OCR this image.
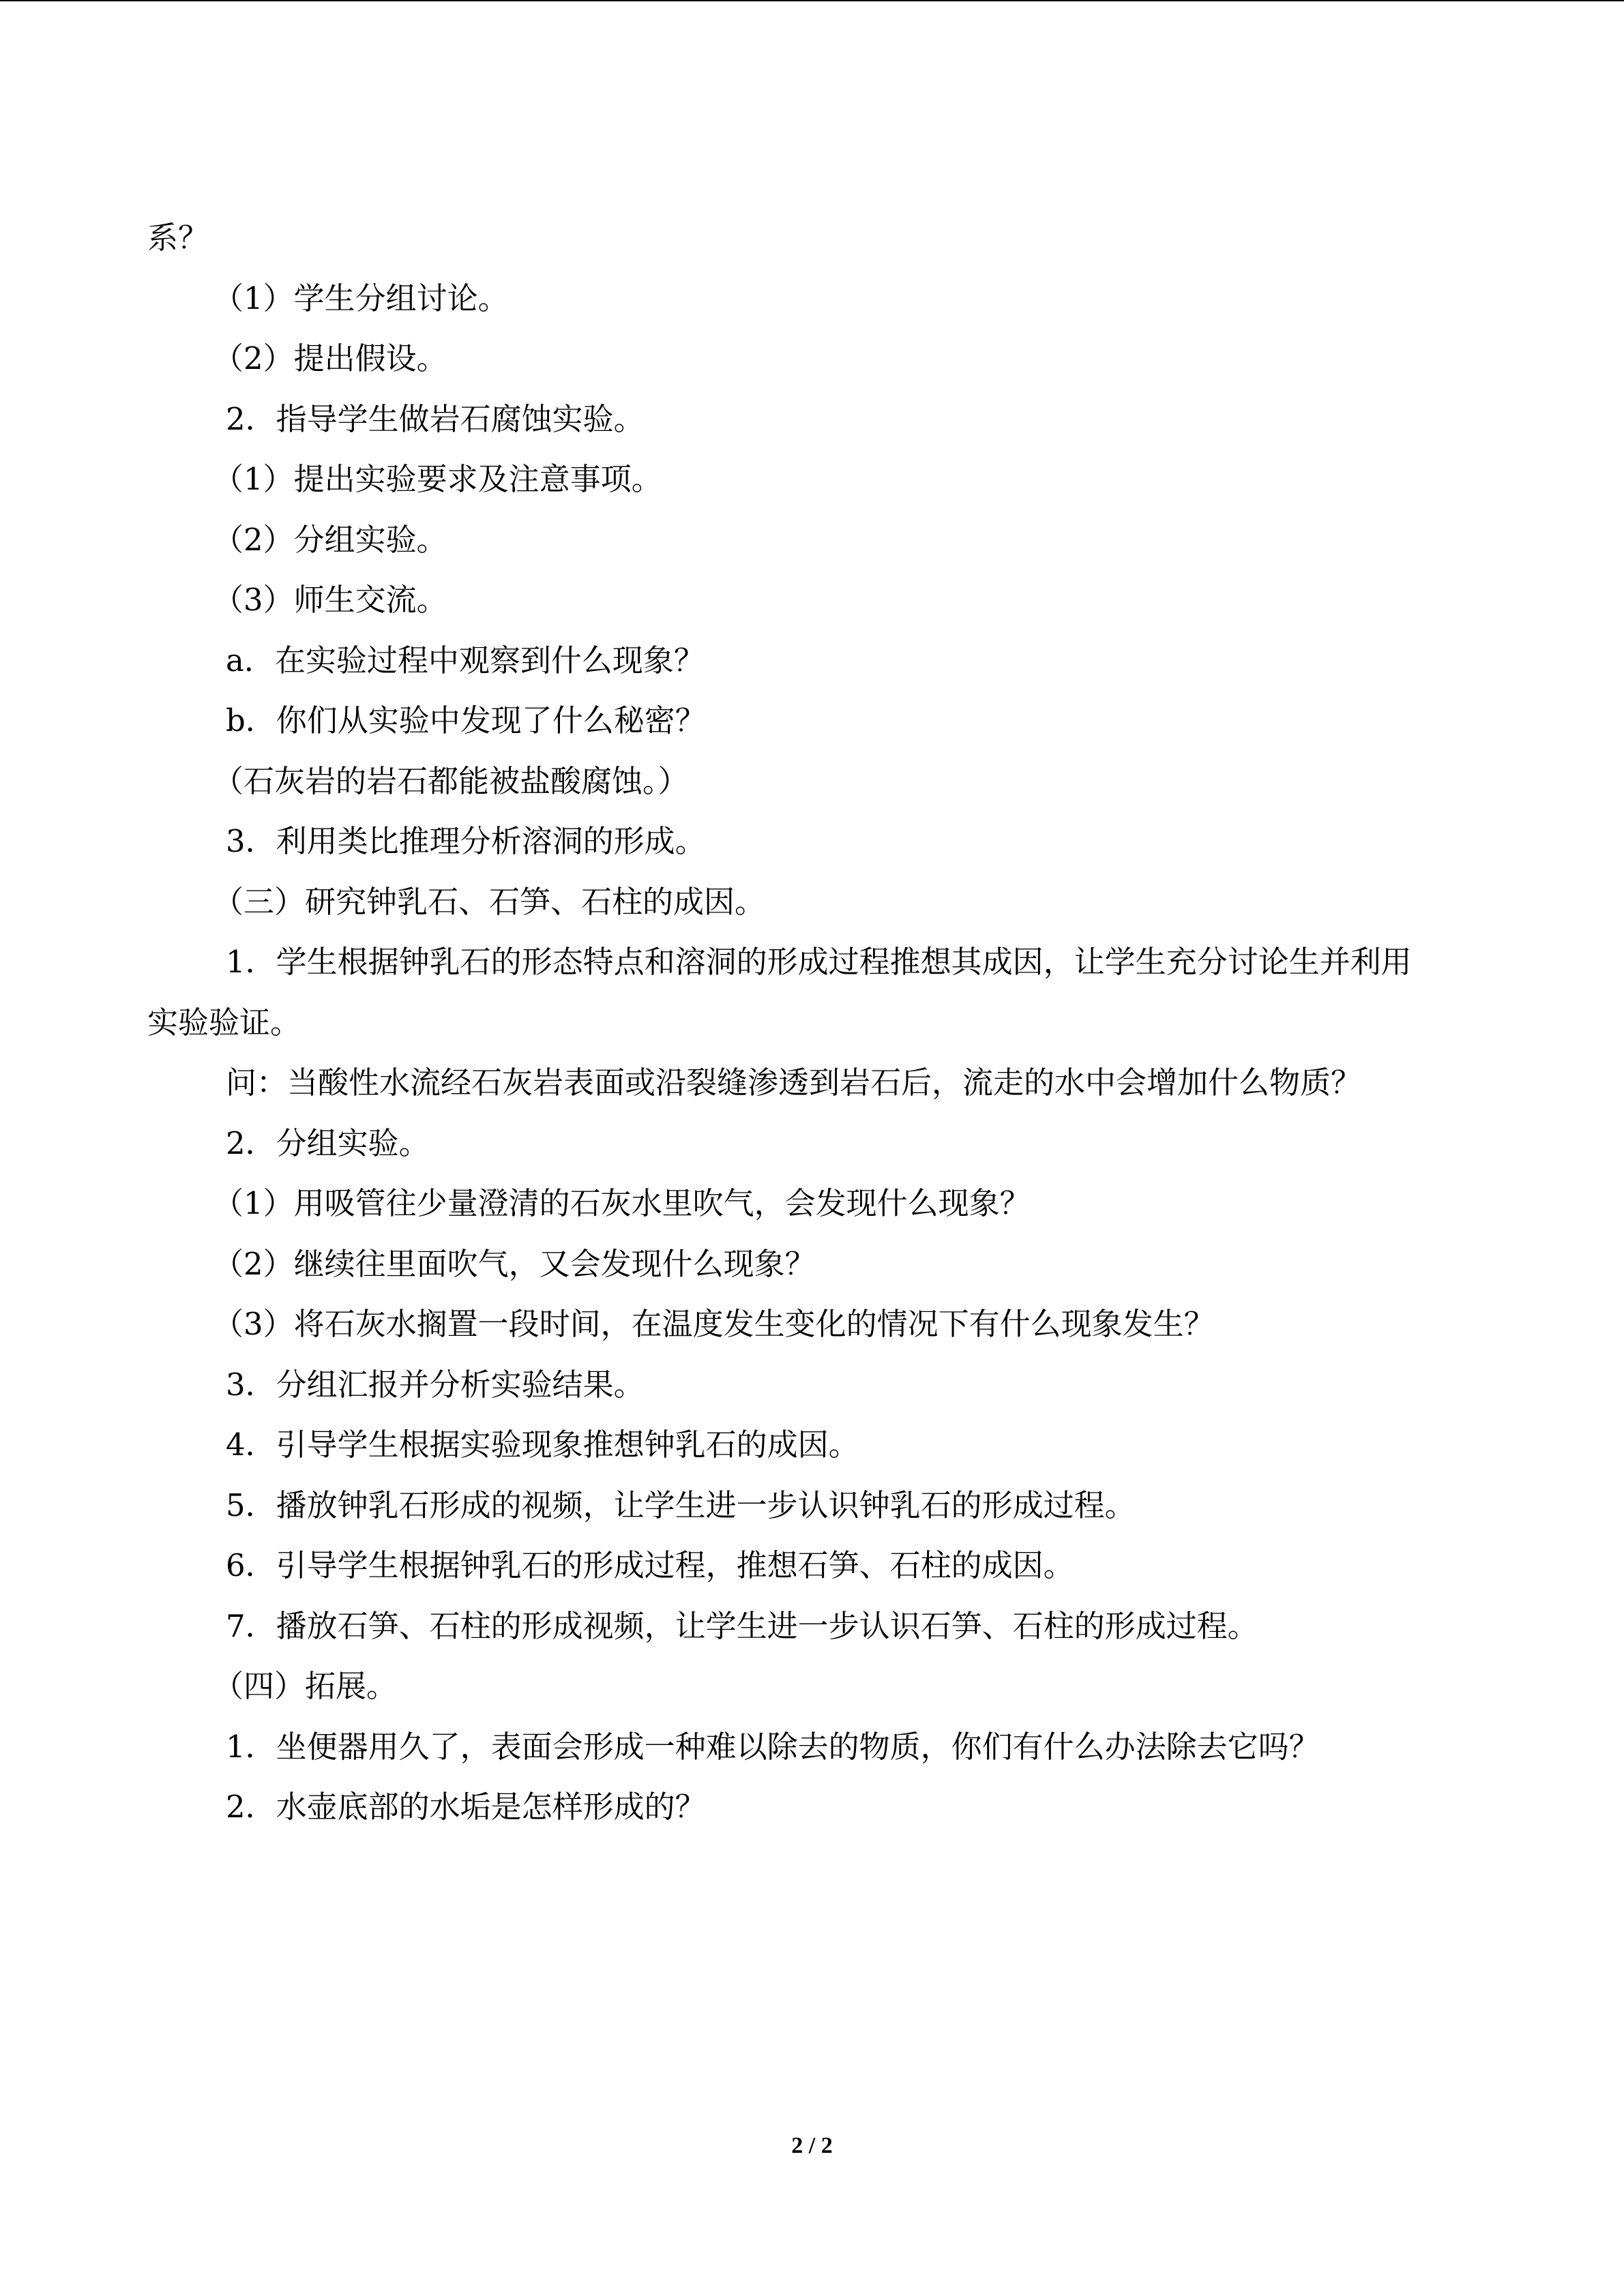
系？

（1）学生分组讨论。

（2）提出假设。

2．指导学生做岩石腐蚀实验。

（1）提出实验要求及注意事项。

（2）分组实验。

（3）师生交流。

a．在实验过程中观察到什么现象？

b．你们从实验中发现了什么秘密？

（石灰岩的岩石都能被盐酸腐蚀。）

3．利用类比推理分析溶洞的形成。

（三）研究钟乳石、石笋、石柱的成因。

1．学生根据钟乳石的形态特点和溶洞的形成过程推想其成因，让学生充分讨论生并利用

实验验证。

问：当酸性水流经石灰岩表面或沿裂缝渗透到岩石后，流走的水中会增加什么物质？

2．分组实验。

（1）用吸管往少量澄清的石灰水里吹气，会发现什么现象？

（2）继续往里面吹气，又会发现什么现象？

（3）将石灰水搁置一段时间，在温度发生变化的情况下有什么现象发生？

3．分组汇报并分析实验结果。

4．引导学生根据实验现象推想钟乳石的成因。

5．播放钟乳石形成的视频，让学生进一步认识钟乳石的形成过程。

6．引导学生根据钟乳石的形成过程，推想石笋、石柱的成因。

7．播放石笋、石柱的形成视频，让学生进一步认识石笋、石柱的形成过程。

（四）拓展。

1．坐便器用久了，表面会形成一种难以除去的物质，你们有什么办法除去它吗？

2．水壶底部的水垢是怎样形成的？

2 / 2
